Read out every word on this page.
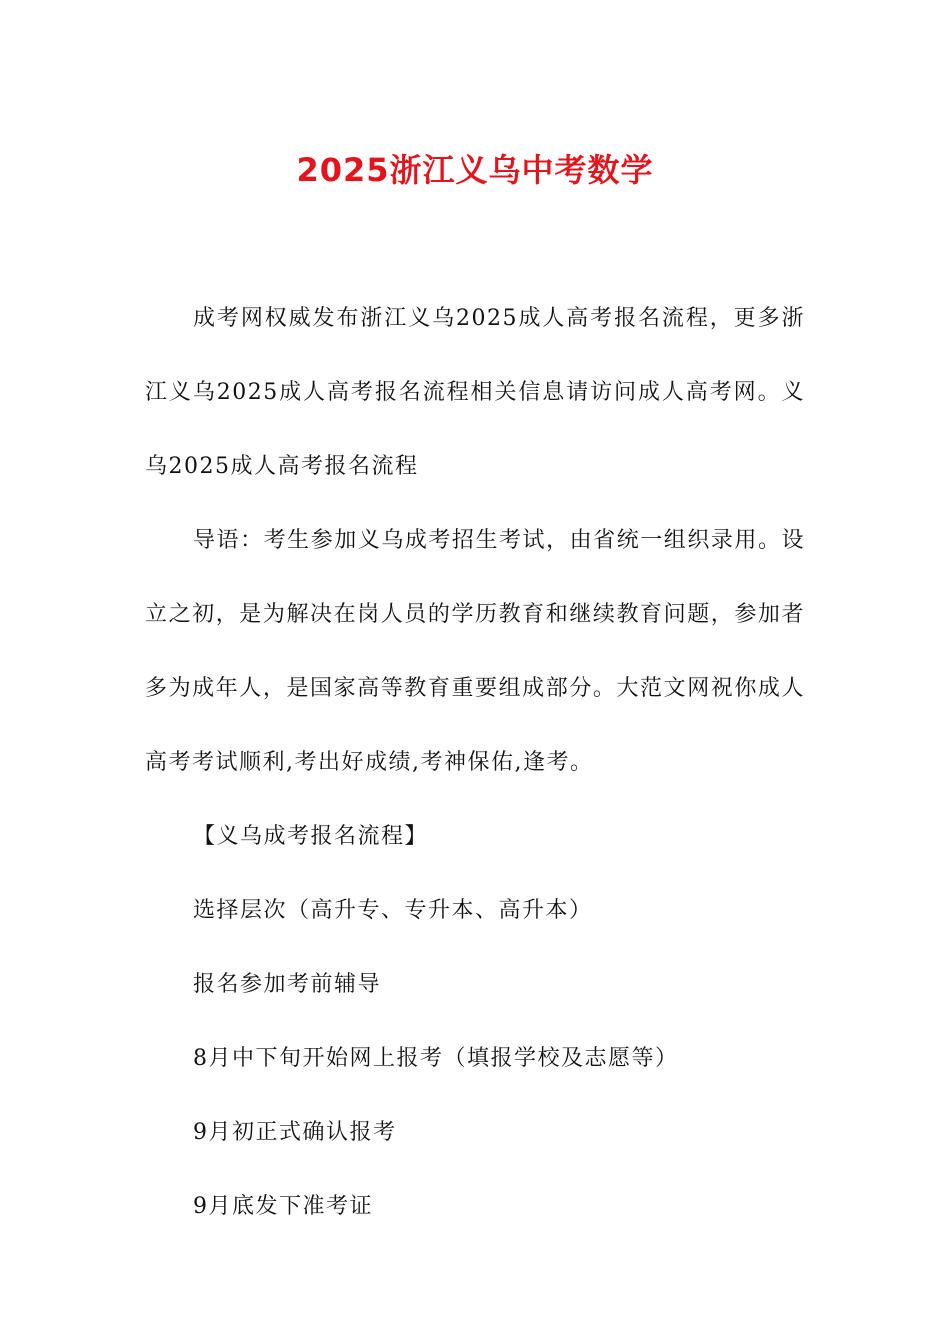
2025浙江义乌中考数学

成考网权威发布浙江义乌2025成人高考报名流程，更多浙江义乌2025成人高考报名流程相关信息请访问成人高考网。义乌2025成人高考报名流程

导语：考生参加义乌成考招生考试，由省统一组织录用。设立之初，是为解决在岗人员的学历教育和继续教育问题，参加者多为成年人，是国家高等教育重要组成部分。大范文网祝你成人高考考试顺利,考出好成绩,考神保佑,逢考。

【义乌成考报名流程】

选择层次（高升专、专升本、高升本）

报名参加考前辅导

8月中下旬开始网上报考（填报学校及志愿等）

9月初正式确认报考

9月底发下准考证
